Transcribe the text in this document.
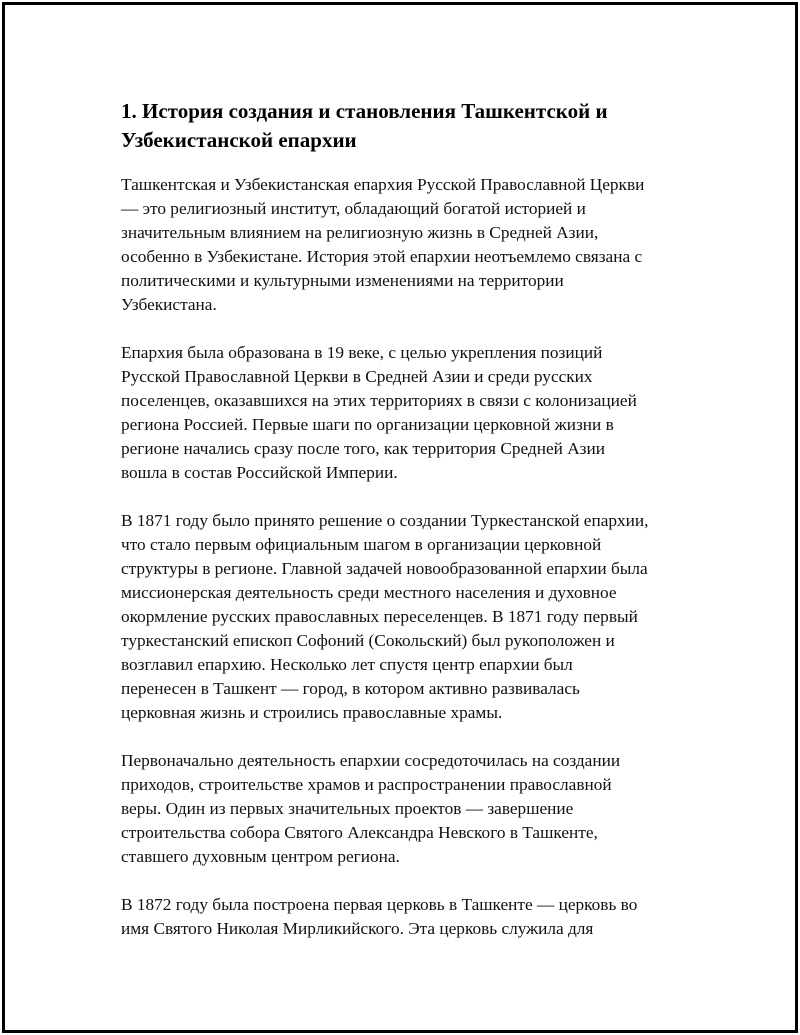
1. История создания и становления Ташкентской и Узбекистанской епархии

Ташкентская и Узбекистанская епархия Русской Православной Церкви
— это религиозный институт, обладающий богатой историей и
значительным влиянием на религиозную жизнь в Средней Азии,
особенно в Узбекистане. История этой епархии неотъемлемо связана с
политическими и культурными изменениями на территории
Узбекистана.

Епархия была образована в 19 веке, с целью укрепления позиций
Русской Православной Церкви в Средней Азии и среди русских
поселенцев, оказавшихся на этих территориях в связи с колонизацией
региона Россией. Первые шаги по организации церковной жизни в
регионе начались сразу после того, как территория Средней Азии
вошла в состав Российской Империи.

В 1871 году было принято решение о создании Туркестанской епархии,
что стало первым официальным шагом в организации церковной
структуры в регионе. Главной задачей новообразованной епархии была
миссионерская деятельность среди местного населения и духовное
окормление русских православных переселенцев. В 1871 году первый
туркестанский епископ Софоний (Сокольский) был рукоположен и
возглавил епархию. Несколько лет спустя центр епархии был
перенесен в Ташкент — город, в котором активно развивалась
церковная жизнь и строились православные храмы.

Первоначально деятельность епархии сосредоточилась на создании
приходов, строительстве храмов и распространении православной
веры. Один из первых значительных проектов — завершение
строительства собора Святого Александра Невского в Ташкенте,
ставшего духовным центром региона.

В 1872 году была построена первая церковь в Ташкенте — церковь во
имя Святого Николая Мирликийского. Эта церковь служила для
